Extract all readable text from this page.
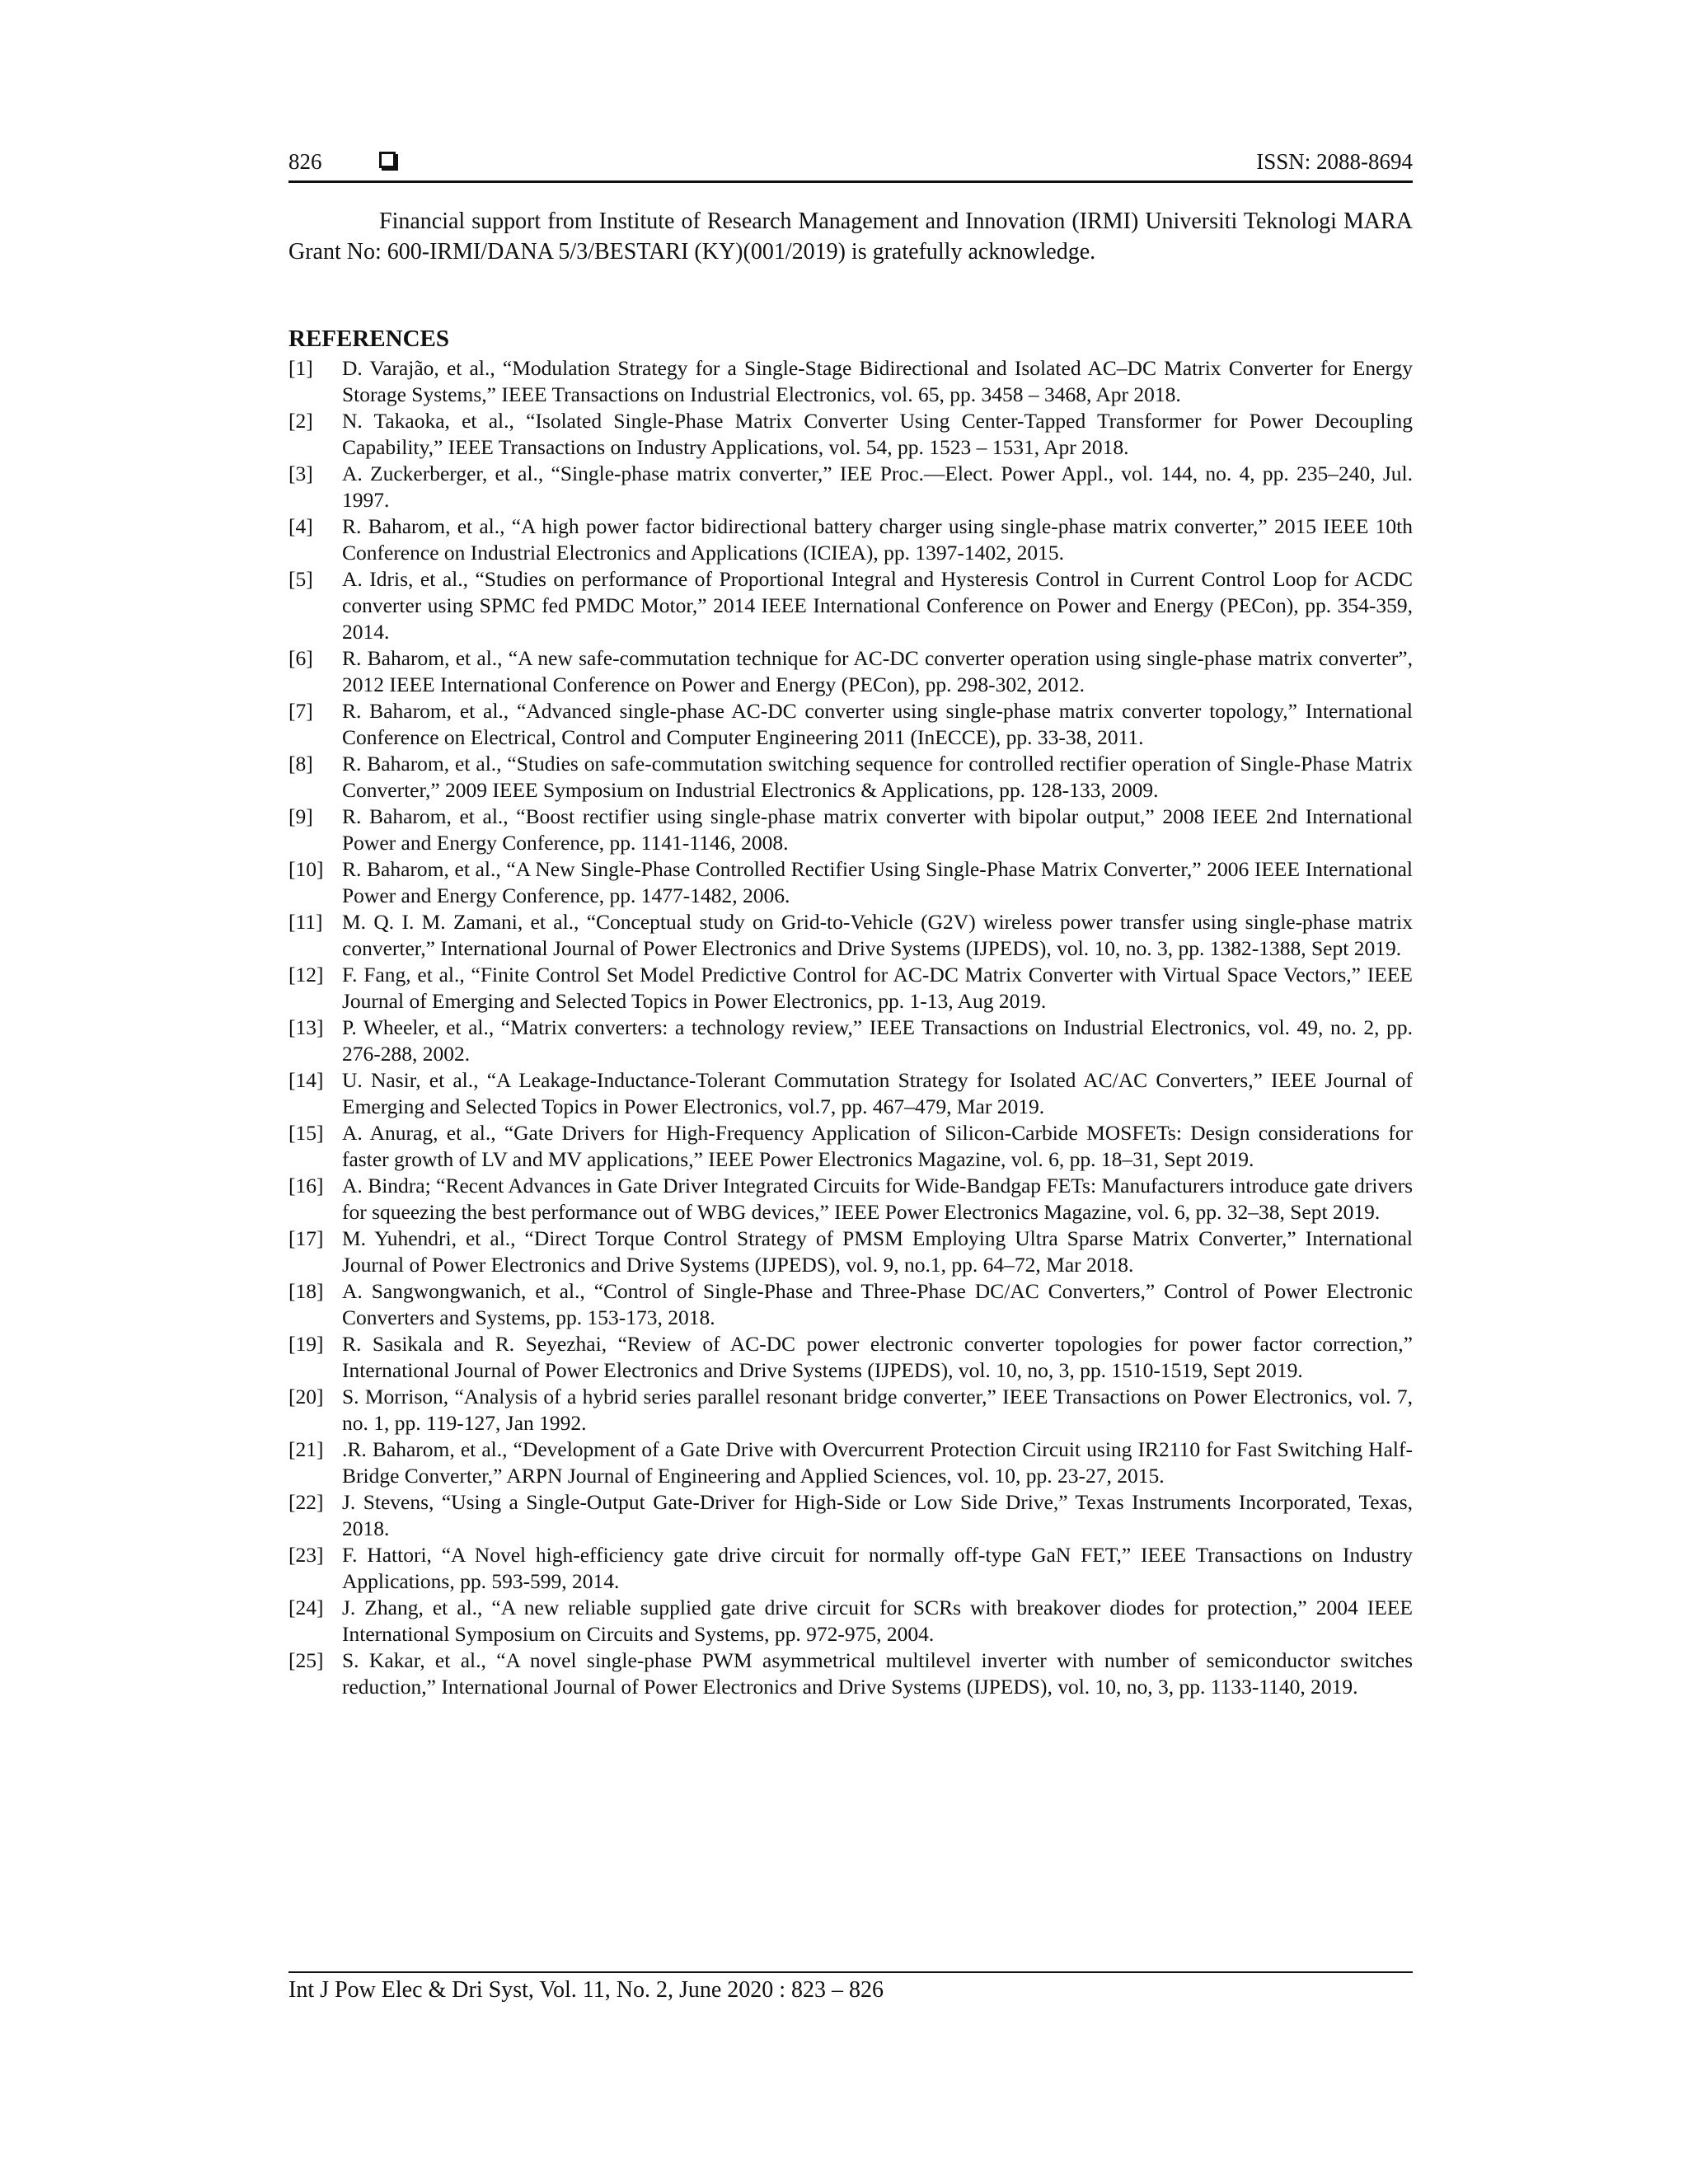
826	ISSN: 2088-8694
Financial support from Institute of Research Management and Innovation (IRMI) Universiti Teknologi MARA Grant No: 600-IRMI/DANA 5/3/BESTARI (KY)(001/2019) is gratefully acknowledge.
REFERENCES
[1]	D. Varajão, et al., “Modulation Strategy for a Single-Stage Bidirectional and Isolated AC–DC Matrix Converter for Energy Storage Systems,” IEEE Transactions on Industrial Electronics, vol. 65, pp. 3458 – 3468, Apr 2018.
[2]	N. Takaoka, et al., “Isolated Single-Phase Matrix Converter Using Center-Tapped Transformer for Power Decoupling Capability,” IEEE Transactions on Industry Applications, vol. 54, pp. 1523 – 1531, Apr 2018.
[3]	A. Zuckerberger, et al., “Single-phase matrix converter,” IEE Proc.—Elect. Power Appl., vol. 144, no. 4, pp. 235–240, Jul. 1997.
[4]	R. Baharom, et al., “A high power factor bidirectional battery charger using single-phase matrix converter,” 2015 IEEE 10th Conference on Industrial Electronics and Applications (ICIEA), pp. 1397-1402, 2015.
[5]	A. Idris, et al., “Studies on performance of Proportional Integral and Hysteresis Control in Current Control Loop for ACDC converter using SPMC fed PMDC Motor,” 2014 IEEE International Conference on Power and Energy (PECon), pp. 354-359, 2014.
[6]	R. Baharom, et al., “A new safe-commutation technique for AC-DC converter operation using single-phase matrix converter”, 2012 IEEE International Conference on Power and Energy (PECon), pp. 298-302, 2012.
[7]	R. Baharom, et al., “Advanced single-phase AC-DC converter using single-phase matrix converter topology,” International Conference on Electrical, Control and Computer Engineering 2011 (InECCE), pp. 33-38, 2011.
[8]	R. Baharom, et al., “Studies on safe-commutation switching sequence for controlled rectifier operation of Single-Phase Matrix Converter,” 2009 IEEE Symposium on Industrial Electronics & Applications, pp. 128-133, 2009.
[9]	R. Baharom, et al., “Boost rectifier using single-phase matrix converter with bipolar output,” 2008 IEEE 2nd International Power and Energy Conference, pp. 1141-1146, 2008.
[10] R. Baharom, et al., “A New Single-Phase Controlled Rectifier Using Single-Phase Matrix Converter,” 2006 IEEE International Power and Energy Conference, pp. 1477-1482, 2006.
[11] M. Q. I. M. Zamani, et al., “Conceptual study on Grid-to-Vehicle (G2V) wireless power transfer using single-phase matrix converter,” International Journal of Power Electronics and Drive Systems (IJPEDS), vol. 10, no. 3, pp. 1382-1388, Sept 2019.
[12] F. Fang, et al., “Finite Control Set Model Predictive Control for AC-DC Matrix Converter with Virtual Space Vectors,” IEEE Journal of Emerging and Selected Topics in Power Electronics, pp. 1-13, Aug 2019.
[13] P. Wheeler, et al., “Matrix converters: a technology review,” IEEE Transactions on Industrial Electronics, vol. 49, no. 2, pp. 276-288, 2002.
[14] U. Nasir, et al., “A Leakage-Inductance-Tolerant Commutation Strategy for Isolated AC/AC Converters,” IEEE Journal of Emerging and Selected Topics in Power Electronics, vol.7, pp. 467–479, Mar 2019.
[15] A. Anurag, et al., “Gate Drivers for High-Frequency Application of Silicon-Carbide MOSFETs: Design considerations for faster growth of LV and MV applications,” IEEE Power Electronics Magazine, vol. 6, pp. 18–31, Sept 2019.
[16] A. Bindra; “Recent Advances in Gate Driver Integrated Circuits for Wide-Bandgap FETs: Manufacturers introduce gate drivers for squeezing the best performance out of WBG devices,” IEEE Power Electronics Magazine, vol. 6, pp. 32–38, Sept 2019.
[17] M. Yuhendri, et al., “Direct Torque Control Strategy of PMSM Employing Ultra Sparse Matrix Converter,” International Journal of Power Electronics and Drive Systems (IJPEDS), vol. 9, no.1, pp. 64–72, Mar 2018.
[18] A. Sangwongwanich, et al., “Control of Single-Phase and Three-Phase DC/AC Converters,” Control of Power Electronic Converters and Systems, pp. 153-173, 2018.
[19] R. Sasikala and R. Seyezhai, “Review of AC-DC power electronic converter topologies for power factor correction,” International Journal of Power Electronics and Drive Systems (IJPEDS), vol. 10, no, 3, pp. 1510-1519, Sept 2019.
[20] S. Morrison, “Analysis of a hybrid series parallel resonant bridge converter,” IEEE Transactions on Power Electronics, vol. 7, no. 1, pp. 119-127, Jan 1992.
[21] .R. Baharom, et al., “Development of a Gate Drive with Overcurrent Protection Circuit using IR2110 for Fast Switching Half-Bridge Converter,” ARPN Journal of Engineering and Applied Sciences, vol. 10, pp. 23-27, 2015.
[22] J. Stevens, “Using a Single-Output Gate-Driver for High-Side or Low Side Drive,” Texas Instruments Incorporated, Texas, 2018.
[23] F. Hattori, “A Novel high-efficiency gate drive circuit for normally off-type GaN FET,” IEEE Transactions on Industry Applications, pp. 593-599, 2014.
[24] J. Zhang, et al., “A new reliable supplied gate drive circuit for SCRs with breakover diodes for protection,” 2004 IEEE International Symposium on Circuits and Systems, pp. 972-975, 2004.
[25] S. Kakar, et al., “A novel single-phase PWM asymmetrical multilevel inverter with number of semiconductor switches reduction,” International Journal of Power Electronics and Drive Systems (IJPEDS), vol. 10, no, 3, pp. 1133-1140, 2019.
Int J Pow Elec & Dri Syst, Vol. 11, No. 2, June 2020 : 823 – 826
